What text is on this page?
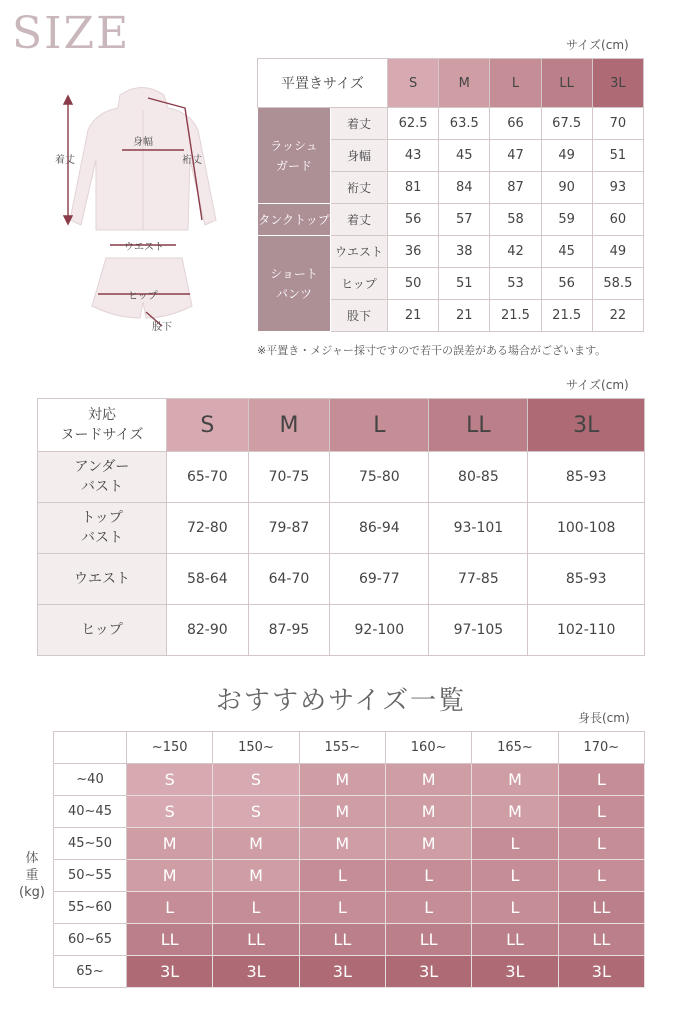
SIZE
着丈
身幅
裄丈
ウエスト
ヒップ
股下
サイズ(cm)
平置きサイズ		S	M	L	LL	3L
ラッシュ
ガード	着丈	62.5	63.5	66	67.5	70
	身幅	43	45	47	49	51
	裄丈	81	84	87	90	93
タンクトップ	着丈	56	57	58	59	60
ショート
パンツ	ウエスト	36	38	42	45	49
	ヒップ	50	51	53	56	58.5
	股下	21	21	21.5	21.5	22
※平置き・メジャー採寸ですので若干の誤差がある場合がございます。
サイズ(cm)
対応
ヌードサイズ	S	M	L	LL	3L
アンダー
バスト	65-70	70-75	75-80	80-85	85-93
トップ
バスト	72-80	79-87	86-94	93-101	100-108
ウエスト	58-64	64-70	69-77	77-85	85-93
ヒップ	82-90	87-95	92-100	97-105	102-110
おすすめサイズ一覧
身長(cm)
体
重
(kg)
	~150	150~	155~	160~	165~	170~
~40	S	S	M	M	M	L
40~45	S	S	M	M	M	L
45~50	M	M	M	M	L	L
50~55	M	M	L	L	L	L
55~60	L	L	L	L	L	LL
60~65	LL	LL	LL	LL	LL	LL
65~	3L	3L	3L	3L	3L	3L
